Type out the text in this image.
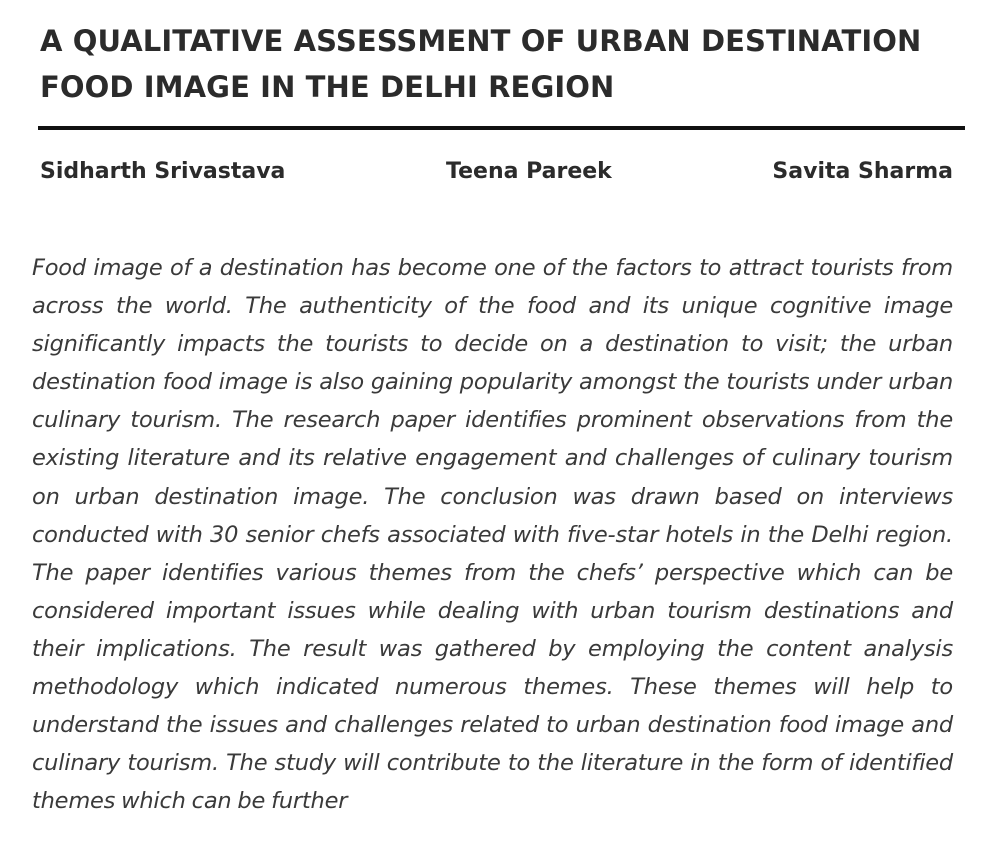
A QUALITATIVE ASSESSMENT OF URBAN DESTINATION
FOOD IMAGE IN THE DELHI REGION
Sidharth Srivastava	Teena Pareek	Savita Sharma

Food image of a destination has become one of the factors to attract tourists from across the world. The authenticity of the food and its unique cognitive image significantly impacts the tourists to decide on a destination to visit; the urban destination food image is also gaining popularity amongst the tourists under urban culinary tourism. The research paper identifies prominent observations from the existing literature and its relative engagement and challenges of culinary tourism on urban destination image. The conclusion was drawn based on interviews conducted with 30 senior chefs associated with five-star hotels in the Delhi region. The paper identifies various themes from the chefs’ perspective which can be considered important issues while dealing with urban tourism destinations and their implications. The result was gathered by employing the content analysis methodology which indicated numerous themes. These themes will help to understand the issues and challenges related to urban destination food image and culinary tourism. The study will contribute to the literature in the form of identified themes which can be further
